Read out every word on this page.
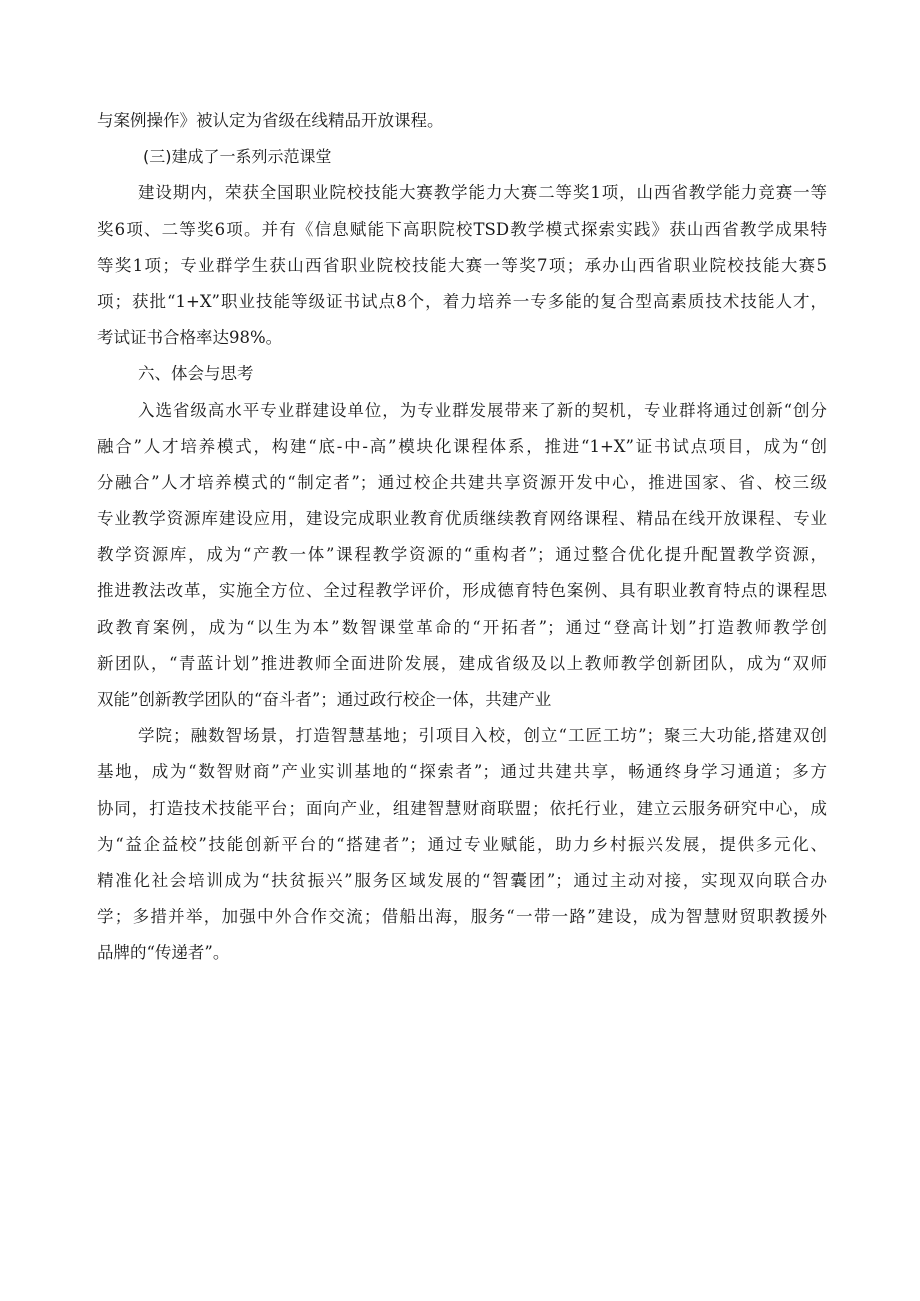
与案例操作》被认定为省级在线精品开放课程。
(三)建成了一系列示范课堂
建设期内，荣获全国职业院校技能大赛教学能力大赛二等奖1项，山西省教学能力竞赛一等
奖6项、二等奖6项。并有《信息赋能下高职院校TSD教学模式探索实践》获山西省教学成果特
等奖1项；专业群学生获山西省职业院校技能大赛一等奖7项；承办山西省职业院校技能大赛5
项；获批“1+X”职业技能等级证书试点8个，着力培养一专多能的复合型高素质技术技能人才，
考试证书合格率达98%。
六、体会与思考
入选省级高水平专业群建设单位，为专业群发展带来了新的契机，专业群将通过创新“创分
融合”人才培养模式，构建“底-中-高”模块化课程体系，推进“1+X”证书试点项目，成为“创
分融合”人才培养模式的“制定者”；通过校企共建共享资源开发中心，推进国家、省、校三级
专业教学资源库建设应用，建设完成职业教育优质继续教育网络课程、精品在线开放课程、专业
教学资源库，成为“产教一体”课程教学资源的“重构者”；通过整合优化提升配置教学资源，
推进教法改革，实施全方位、全过程教学评价，形成德育特色案例、具有职业教育特点的课程思
政教育案例，成为“以生为本”数智课堂革命的“开拓者”；通过“登高计划”打造教师教学创
新团队，“青蓝计划”推进教师全面进阶发展，建成省级及以上教师教学创新团队，成为“双师
双能”创新教学团队的“奋斗者”；通过政行校企一体，共建产业
学院；融数智场景，打造智慧基地；引项目入校，创立“工匠工坊”；聚三大功能,搭建双创
基地，成为“数智财商”产业实训基地的“探索者”；通过共建共享，畅通终身学习通道；多方
协同，打造技术技能平台；面向产业，组建智慧财商联盟；依托行业，建立云服务研究中心，成
为“益企益校”技能创新平台的“搭建者”；通过专业赋能，助力乡村振兴发展，提供多元化、
精准化社会培训成为“扶贫振兴”服务区域发展的“智囊团”；通过主动对接，实现双向联合办
学；多措并举，加强中外合作交流；借船出海，服务“一带一路”建设，成为智慧财贸职教援外
品牌的“传递者”。
